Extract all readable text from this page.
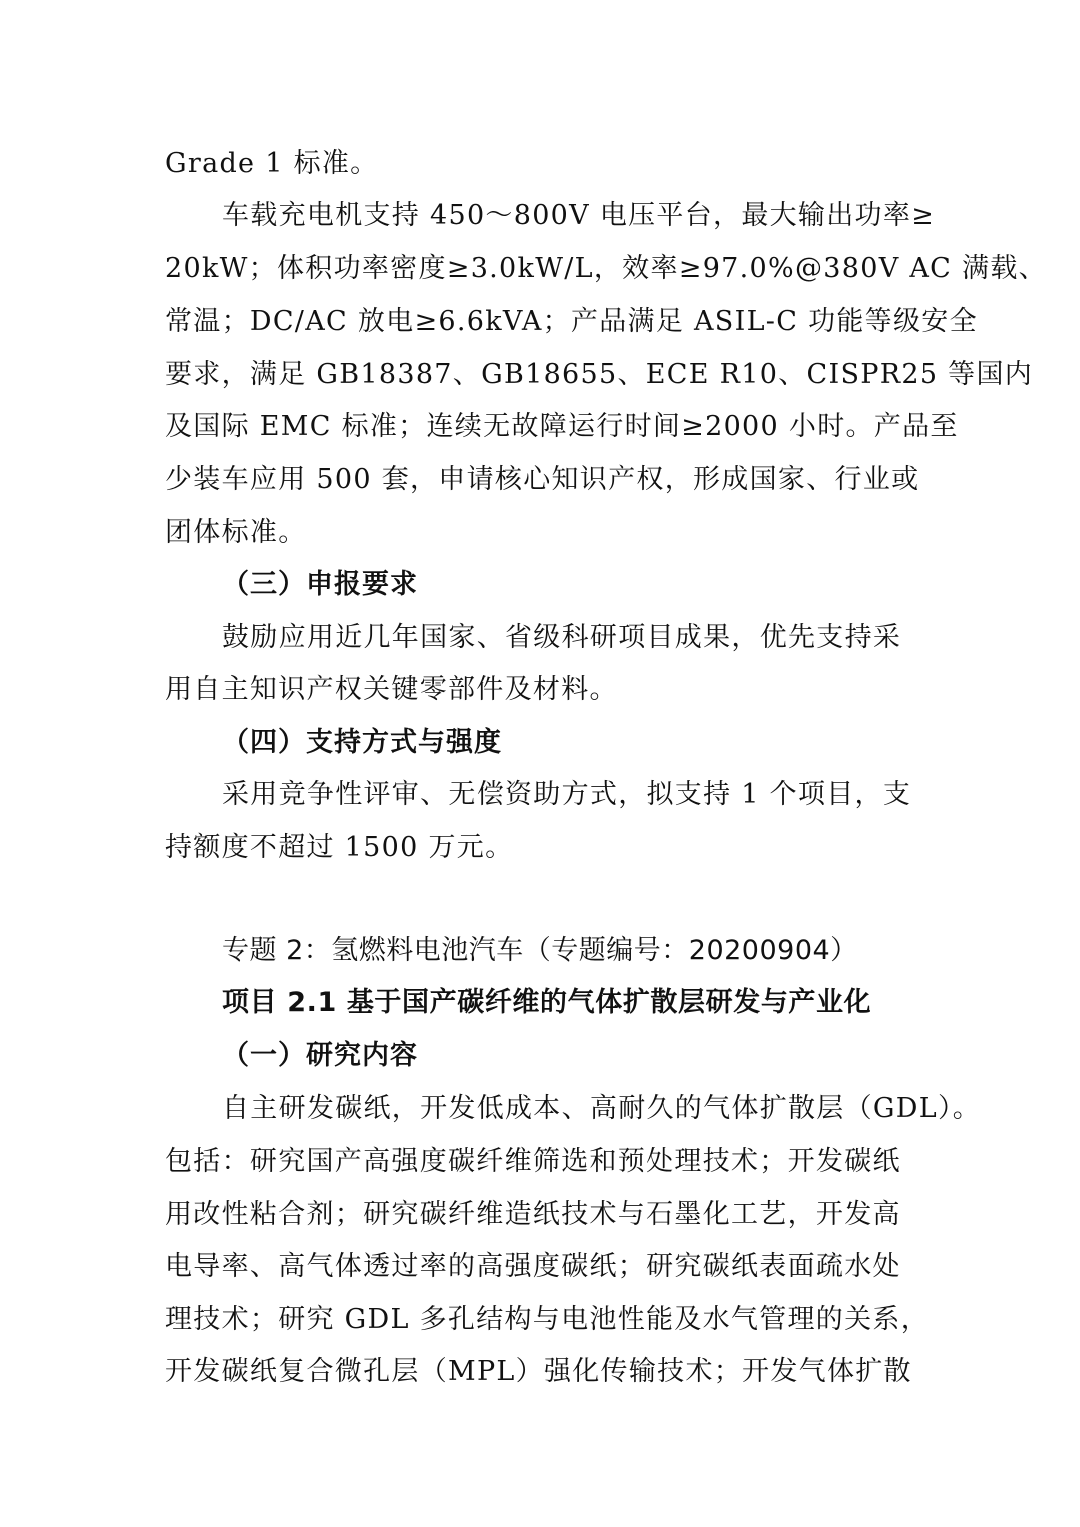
Grade 1 标准。
车载充电机支持 450～800V 电压平台，最大输出功率≥
20kW；体积功率密度≥3.0kW/L，效率≥97.0%@380V AC 满载、
常温；DC/AC 放电≥6.6kVA；产品满足 ASIL-C 功能等级安全
要求，满足 GB18387、GB18655、ECE R10、CISPR25 等国内
及国际 EMC 标准；连续无故障运行时间≥2000 小时。产品至
少装车应用 500 套，申请核心知识产权，形成国家、行业或
团体标准。
（三）申报要求
鼓励应用近几年国家、省级科研项目成果，优先支持采
用自主知识产权关键零部件及材料。
（四）支持方式与强度
采用竞争性评审、无偿资助方式，拟支持 1 个项目，支
持额度不超过 1500 万元。
专题 2：氢燃料电池汽车（专题编号：20200904）
项目 2.1 基于国产碳纤维的气体扩散层研发与产业化
（一）研究内容
自主研发碳纸，开发低成本、高耐久的气体扩散层（GDL）。
包括：研究国产高强度碳纤维筛选和预处理技术；开发碳纸
用改性粘合剂；研究碳纤维造纸技术与石墨化工艺，开发高
电导率、高气体透过率的高强度碳纸；研究碳纸表面疏水处
理技术；研究 GDL 多孔结构与电池性能及水气管理的关系，
开发碳纸复合微孔层（MPL）强化传输技术；开发气体扩散
